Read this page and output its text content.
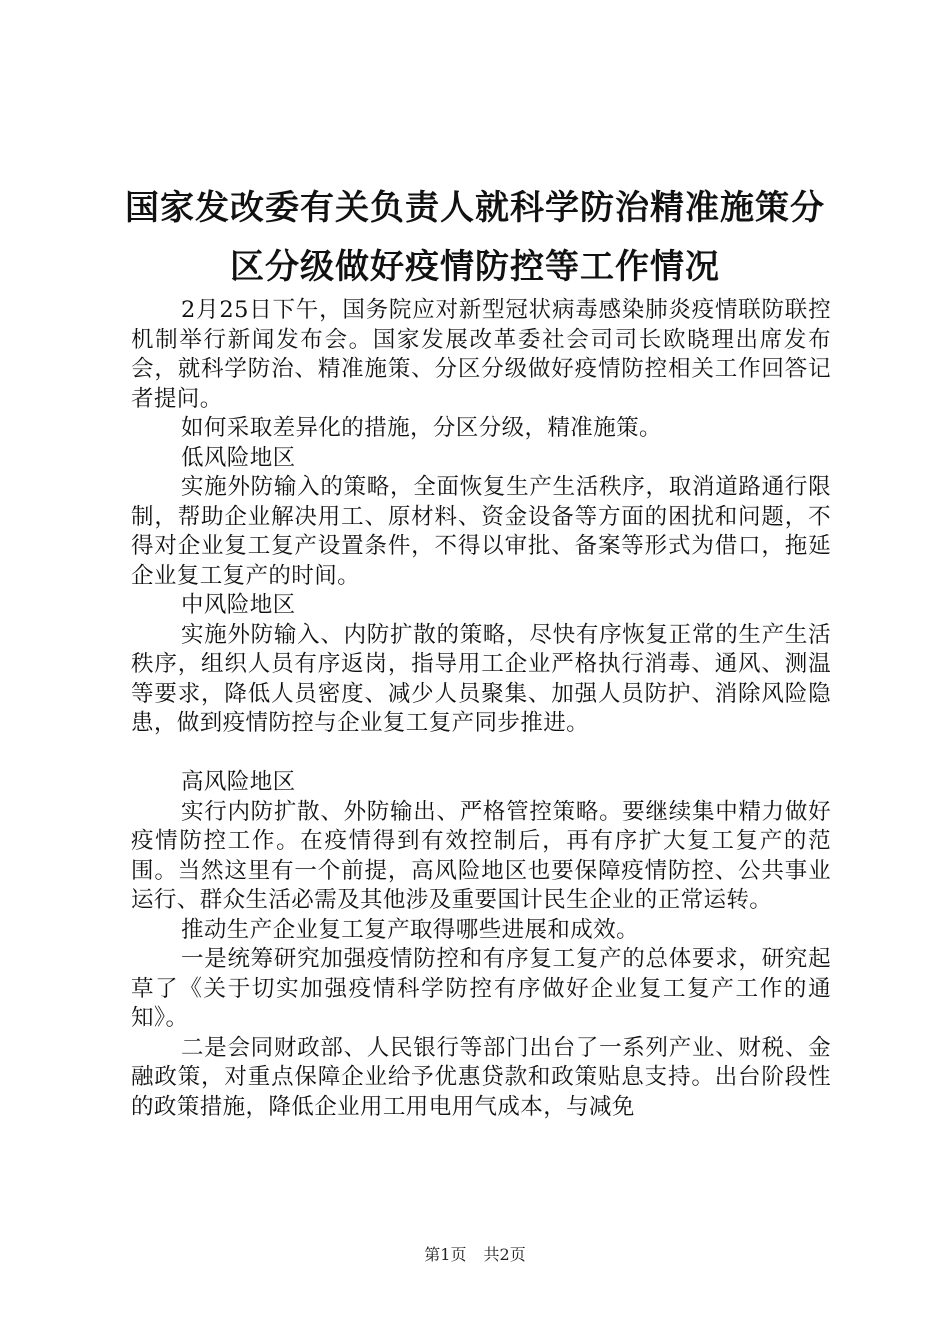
国家发改委有关负责人就科学防治精准施策分
区分级做好疫情防控等工作情况

2月25日下午，国务院应对新型冠状病毒感染肺炎疫情联防联控机制举行新闻发布会。国家发展改革委社会司司长欧晓理出席发布会，就科学防治、精准施策、分区分级做好疫情防控相关工作回答记者提问。

如何采取差异化的措施，分区分级，精准施策。

低风险地区

实施外防输入的策略，全面恢复生产生活秩序，取消道路通行限制，帮助企业解决用工、原材料、资金设备等方面的困扰和问题，不得对企业复工复产设置条件，不得以审批、备案等形式为借口，拖延企业复工复产的时间。

中风险地区

实施外防输入、内防扩散的策略，尽快有序恢复正常的生产生活秩序，组织人员有序返岗，指导用工企业严格执行消毒、通风、测温等要求，降低人员密度、减少人员聚集、加强人员防护、消除风险隐患，做到疫情防控与企业复工复产同步推进。

高风险地区

实行内防扩散、外防输出、严格管控策略。要继续集中精力做好疫情防控工作。在疫情得到有效控制后，再有序扩大复工复产的范围。当然这里有一个前提，高风险地区也要保障疫情防控、公共事业运行、群众生活必需及其他涉及重要国计民生企业的正常运转。

推动生产企业复工复产取得哪些进展和成效。

一是统筹研究加强疫情防控和有序复工复产的总体要求，研究起草了《关于切实加强疫情科学防控有序做好企业复工复产工作的通知》。

二是会同财政部、人民银行等部门出台了一系列产业、财税、金融政策，对重点保障企业给予优惠贷款和政策贴息支持。出台阶段性的政策措施，降低企业用工用电用气成本，与减免

第1页 共2页
